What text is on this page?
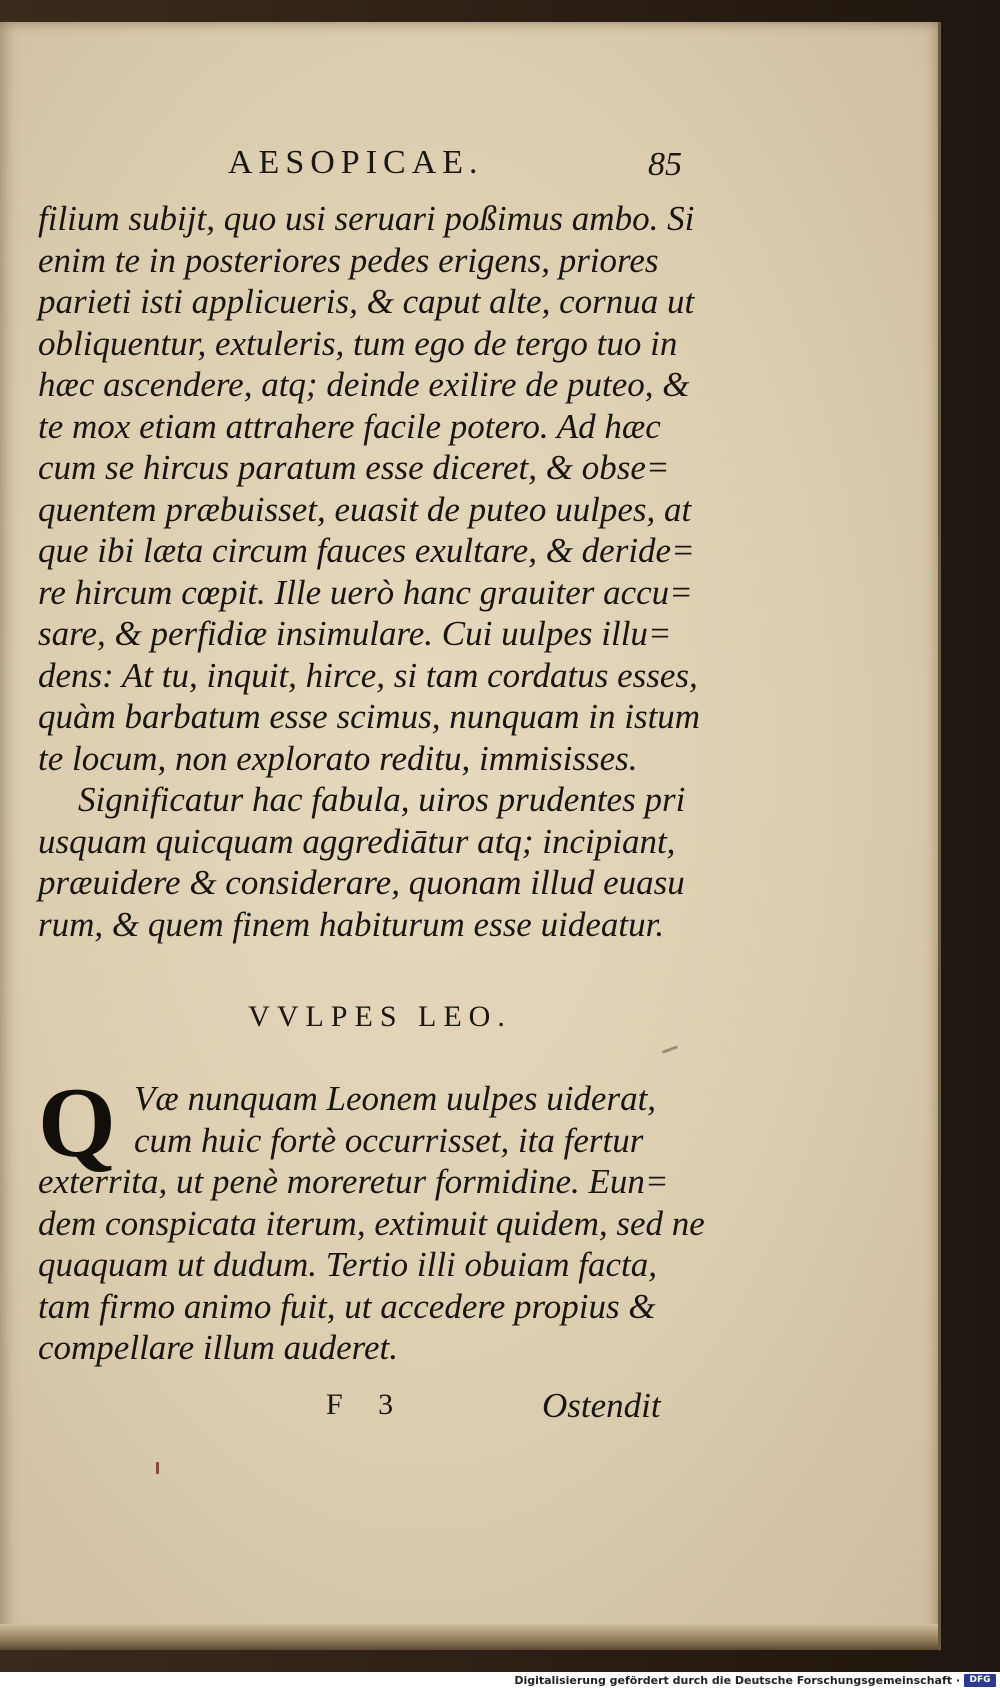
AESOPICAE.	85
filium subijt, quo usi seruari poßimus ambo. Si
enim te in posteriores pedes erigens, priores
parieti isti applicueris, & caput alte, cornua ut
obliquentur, extuleris, tum ego de tergo tuo in
hæc ascendere, atq; deinde exilire de puteo, &
te mox etiam attrahere facile potero. Ad hæc
cum se hircus paratum esse diceret, & obse=
quentem præbuisset, euasit de puteo uulpes, at
que ibi læta circum fauces exultare, & deride=
re hircum cœpit. Ille uerò hanc grauiter accu=
sare, & perfidiæ insimulare. Cui uulpes illu=
dens: At tu, inquit, hirce, si tam cordatus esses,
quàm barbatum esse scimus, nunquam in istum
te locum, non explorato reditu, immisisses.
Significatur hac fabula, uiros prudentes pri
usquam quicquam aggrediātur atq; incipiant,
præuidere & considerare, quonam illud euasu
rum, & quem finem habiturum esse uideatur.
VVLPES LEO.
Q Væ nunquam Leonem uulpes uiderat,
cum huic fortè occurrisset, ita fertur
exterrita, ut penè moreretur formidine. Eun=
dem conspicata iterum, extimuit quidem, sed ne
quaquam ut dudum. Tertio illi obuiam facta,
tam firmo animo fuit, ut accedere propius &
compellare illum auderet.
F 3	Ostendit
Digitalisierung gefördert durch die Deutsche Forschungsgemeinschaft ·	DFG
